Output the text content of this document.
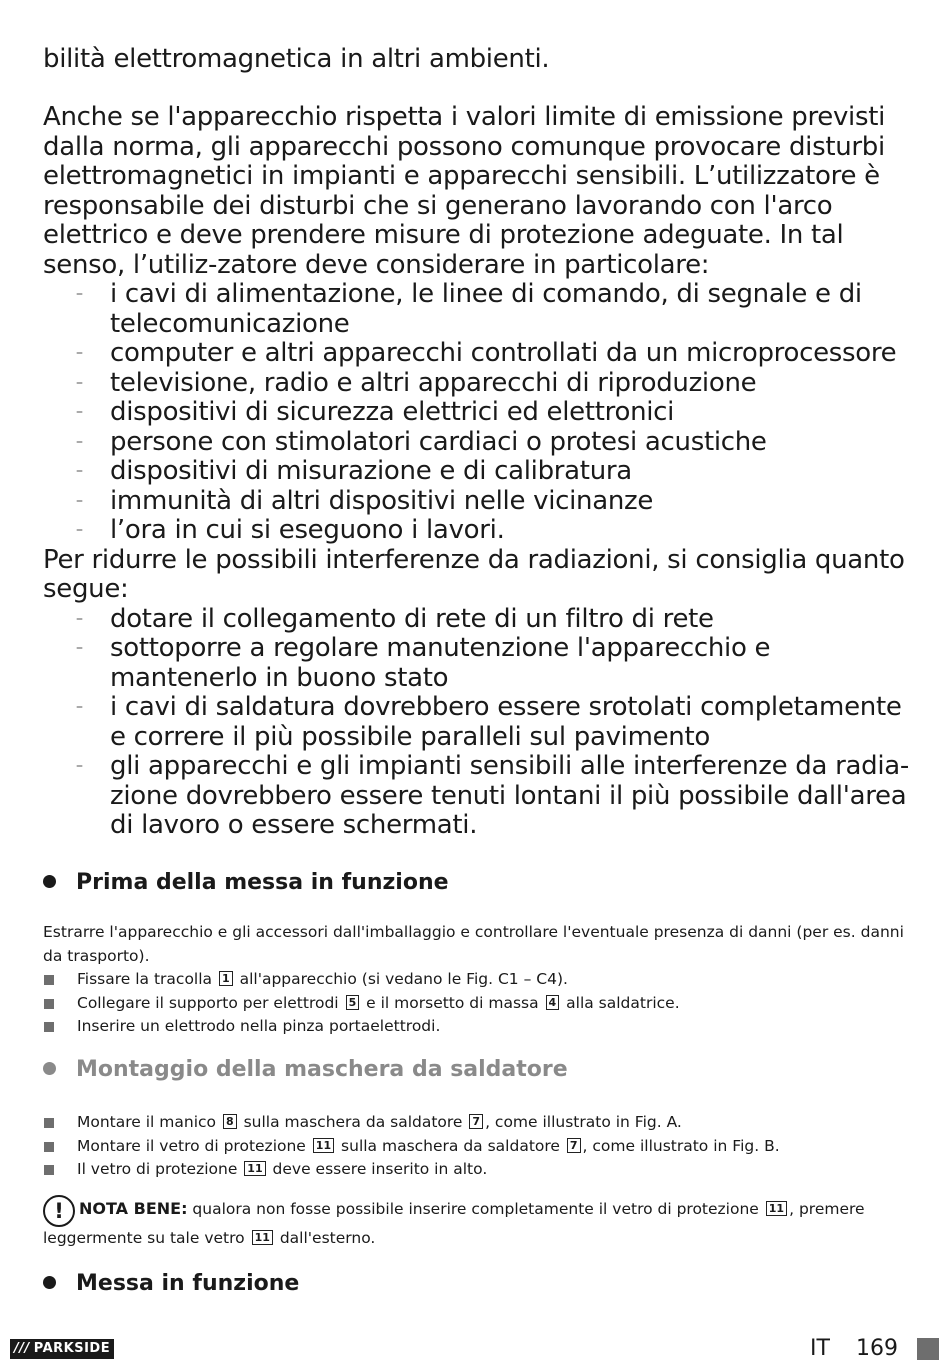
bilità elettromagnetica in altri ambienti.

Anche se l'apparecchio rispetta i valori limite di emissione previsti dalla norma, gli apparecchi possono comunque provocare disturbi elettromagnetici in impianti e apparecchi sensibili. L’utilizzatore è responsabile dei disturbi che si generano lavorando con l'arco elettrico e deve prendere misure di protezione adeguate. In tal senso, l’utiliz-zatore deve considerare in particolare:

– i cavi di alimentazione, le linee di comando, di segnale e di telecomunicazione
– computer e altri apparecchi controllati da un microprocessore
– televisione, radio e altri apparecchi di riproduzione
– dispositivi di sicurezza elettrici ed elettronici
– persone con stimolatori cardiaci o protesi acustiche
– dispositivi di misurazione e di calibratura
– immunità di altri dispositivi nelle vicinanze
– l’ora in cui si eseguono i lavori.

Per ridurre le possibili interferenze da radiazioni, si consiglia quanto segue:

– dotare il collegamento di rete di un filtro di rete
– sottoporre a regolare manutenzione l'apparecchio e mantenerlo in buono stato
– i cavi di saldatura dovrebbero essere srotolati completamente e correre il più possibile paralleli sul pavimento
– gli apparecchi e gli impianti sensibili alle interferenze da radia-zione dovrebbero essere tenuti lontani il più possibile dall'area di lavoro o essere schermati.
Prima della messa in funzione

Estrarre l'apparecchio e gli accessori dall'imballaggio e controllare l'eventuale presenza di danni (per es. danni da trasporto).

Fissare la tracolla 1 all'apparecchio (si vedano le Fig. C1 – C4).
Collegare il supporto per elettrodi 5 e il morsetto di massa 4 alla saldatrice.
Inserire un elettrodo nella pinza portaelettrodi.
Montaggio della maschera da saldatore
Montare il manico 8 sulla maschera da saldatore 7 , come illustrato in Fig. A.
Montare il vetro di protezione 11 sulla maschera da saldatore 7 , come illustrato in Fig. B.
Il vetro di protezione 11 deve essere inserito in alto.
! NOTA BENE: qualora non fosse possibile inserire completamente il vetro di protezione 11 , premere leggermente su tale vetro 11 dall'esterno.
Messa in funzione
/// PARKSIDE	IT 169
